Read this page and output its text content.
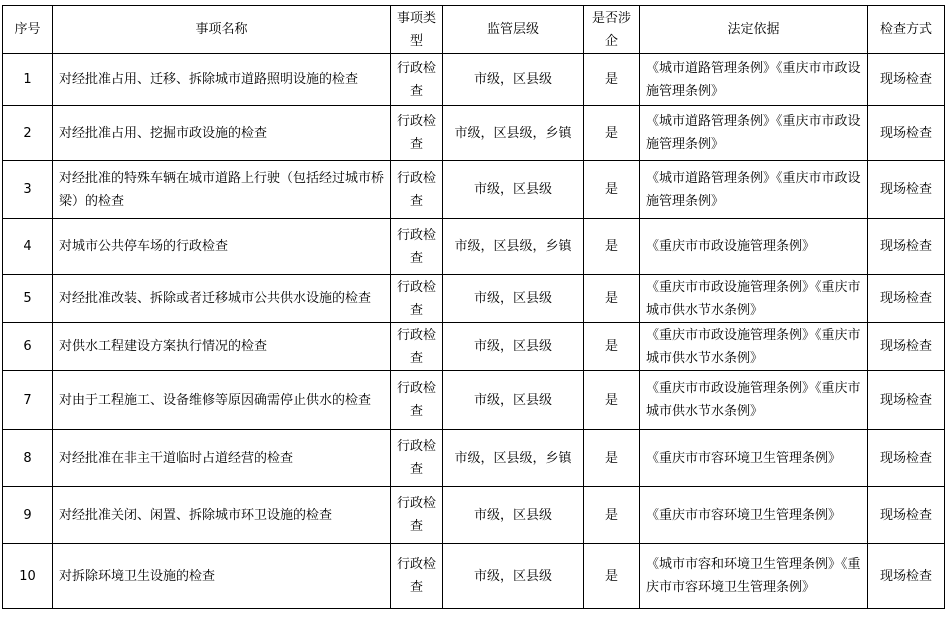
序号	事项名称	事项类型	监管层级	是否涉企	法定依据	检查方式
1	对经批准占用、迁移、拆除城市道路照明设施的检查	行政检查	市级，区县级	是	《城市道路管理条例》《重庆市市政设施管理条例》	现场检查
2	对经批准占用、挖掘市政设施的检查	行政检查	市级，区县级，乡镇	是	《城市道路管理条例》《重庆市市政设施管理条例》	现场检查
3	对经批准的特殊车辆在城市道路上行驶（包括经过城市桥梁）的检查	行政检查	市级，区县级	是	《城市道路管理条例》《重庆市市政设施管理条例》	现场检查
4	对城市公共停车场的行政检查	行政检查	市级，区县级，乡镇	是	《重庆市市政设施管理条例》	现场检查
5	对经批准改装、拆除或者迁移城市公共供水设施的检查	行政检查	市级，区县级	是	《重庆市市政设施管理条例》《重庆市城市供水节水条例》	现场检查
6	对供水工程建设方案执行情况的检查	行政检查	市级，区县级	是	《重庆市市政设施管理条例》《重庆市城市供水节水条例》	现场检查
7	对由于工程施工、设备维修等原因确需停止供水的检查	行政检查	市级，区县级	是	《重庆市市政设施管理条例》《重庆市城市供水节水条例》	现场检查
8	对经批准在非主干道临时占道经营的检查	行政检查	市级，区县级，乡镇	是	《重庆市市容环境卫生管理条例》	现场检查
9	对经批准关闭、闲置、拆除城市环卫设施的检查	行政检查	市级，区县级	是	《重庆市市容环境卫生管理条例》	现场检查
10	对拆除环境卫生设施的检查	行政检查	市级，区县级	是	《城市市容和环境卫生管理条例》《重庆市市容环境卫生管理条例》	现场检查
